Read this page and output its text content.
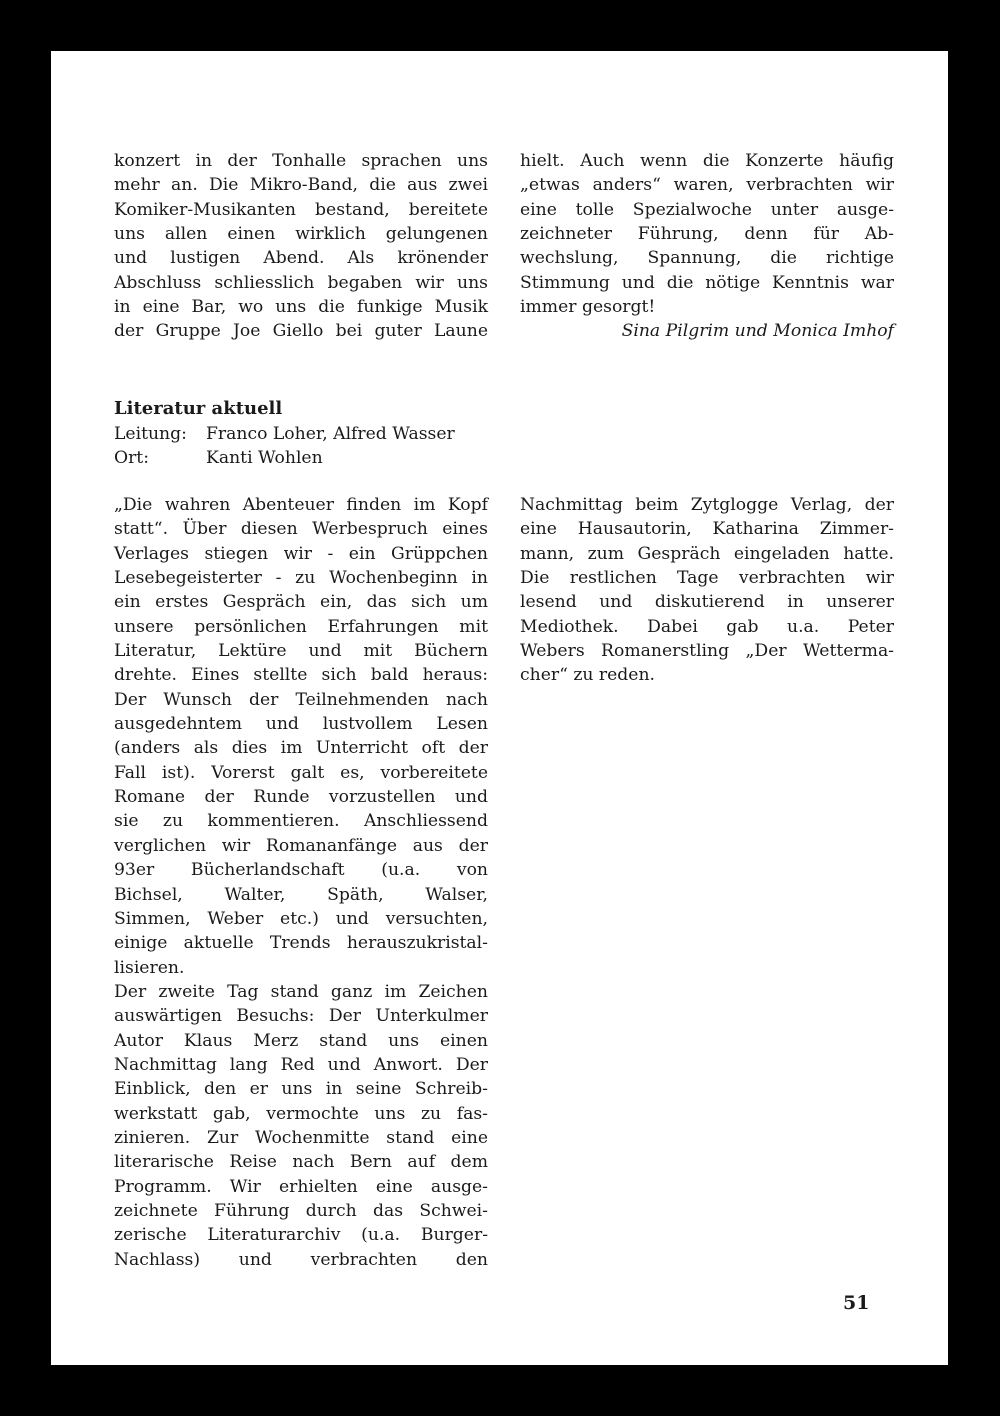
konzert in der Tonhalle sprachen uns
mehr an. Die Mikro-Band, die aus zwei
Komiker-Musikanten bestand, bereitete
uns allen einen wirklich gelungenen
und lustigen Abend. Als krönender
Abschluss schliesslich begaben wir uns
in eine Bar, wo uns die funkige Musik
der Gruppe Joe Giello bei guter Laune
hielt. Auch wenn die Konzerte häufig
„etwas anders“ waren, verbrachten wir
eine tolle Spezialwoche unter ausge-
zeichneter Führung, denn für Ab-
wechslung, Spannung, die richtige
Stimmung und die nötige Kenntnis war
immer gesorgt!
Sina Pilgrim und Monica Imhof
Literatur aktuell
Leitung: Franco Loher, Alfred Wasser
Ort:	Kanti Wohlen
„Die wahren Abenteuer finden im Kopf
statt“. Über diesen Werbespruch eines
Verlages stiegen wir - ein Grüppchen
Lesebegeisterter - zu Wochenbeginn in
ein erstes Gespräch ein, das sich um
unsere persönlichen Erfahrungen mit
Literatur, Lektüre und mit Büchern
drehte. Eines stellte sich bald heraus:
Der Wunsch der Teilnehmenden nach
ausgedehntem und lustvollem Lesen
(anders als dies im Unterricht oft der
Fall ist). Vorerst galt es, vorbereitete
Romane der Runde vorzustellen und
sie zu kommentieren. Anschliessend
verglichen wir Romananfänge aus der
93er Bücherlandschaft (u.a. von
Bichsel, Walter, Späth, Walser,
Simmen, Weber etc.) und versuchten,
einige aktuelle Trends herauszukristal-
lisieren.
Der zweite Tag stand ganz im Zeichen
auswärtigen Besuchs: Der Unterkulmer
Autor Klaus Merz stand uns einen
Nachmittag lang Red und Anwort. Der
Einblick, den er uns in seine Schreib-
werkstatt gab, vermochte uns zu fas-
zinieren. Zur Wochenmitte stand eine
literarische Reise nach Bern auf dem
Programm. Wir erhielten eine ausge-
zeichnete Führung durch das Schwei-
zerische Literaturarchiv (u.a. Burger-
Nachlass) und verbrachten den
Nachmittag beim Zytglogge Verlag, der
eine Hausautorin, Katharina Zimmer-
mann, zum Gespräch eingeladen hatte.
Die restlichen Tage verbrachten wir
lesend und diskutierend in unserer
Mediothek. Dabei gab u.a. Peter
Webers Romanerstling „Der Wetterma-
cher“ zu reden.
51
